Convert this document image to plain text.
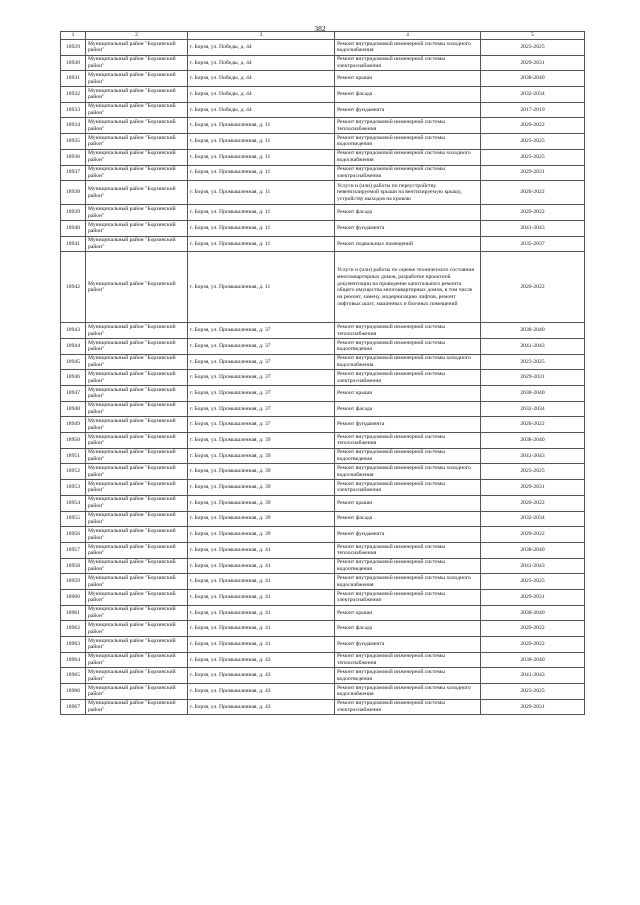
382
1	2	3	4	5
18929	Муниципальный район "Борзинский район"	г. Борзя, ул. Победы, д. 44	Ремонт внутридомовой инженерной системы холодного водоснабжения	2023-2025
18930	Муниципальный район "Борзинский район"	г. Борзя, ул. Победы, д. 44	Ремонт внутридомовой инженерной системы электроснабжения	2029-2031
18931	Муниципальный район "Борзинский район"	г. Борзя, ул. Победы, д. 44	Ремонт крыши	2038-2040
18932	Муниципальный район "Борзинский район"	г. Борзя, ул. Победы, д. 44	Ремонт фасада	2032-2034
18933	Муниципальный район "Борзинский район"	г. Борзя, ул. Победы, д. 44	Ремонт фундамента	2017-2019
18934	Муниципальный район "Борзинский район"	г. Борзя, ул. Промышленная, д. 11	Ремонт внутридомовой инженерной системы теплоснабжения	2020-2022
18935	Муниципальный район "Борзинский район"	г. Борзя, ул. Промышленная, д. 11	Ремонт внутридомовой инженерной системы водоотведения	2023-2025
18936	Муниципальный район "Борзинский район"	г. Борзя, ул. Промышленная, д. 11	Ремонт внутридомовой инженерной системы холодного водоснабжения	2023-2025
18937	Муниципальный район "Борзинский район"	г. Борзя, ул. Промышленная, д. 11	Ремонт внутридомовой инженерной системы электроснабжения	2029-2031
18938	Муниципальный район "Борзинский район"	г. Борзя, ул. Промышленная, д. 11	Услуги и (или) работы по переустройству невентилируемой крыши на вентилируемую крышу, устройству выходов на кровлю	2020-2022
18939	Муниципальный район "Борзинский район"	г. Борзя, ул. Промышленная, д. 11	Ремонт фасада	2020-2022
18940	Муниципальный район "Борзинский район"	г. Борзя, ул. Промышленная, д. 11	Ремонт фундамента	2041-2043
18941	Муниципальный район "Борзинский район"	г. Борзя, ул. Промышленная, д. 11	Ремонт подвальных помещений	2035-2037
18942	Муниципальный район "Борзинский район"	г. Борзя, ул. Промышленная, д. 11	Услуги и (или) работы по оценке технического состояния многоквартирных домов, разработке проектной документации на проведение капитального ремонта общего имущества многоквартирных домов, в том числе на ремонт, замену, модернизацию лифтов, ремонт лифтовых шахт, машинных и блочных помещений	2020-2022
18943	Муниципальный район "Борзинский район"	г. Борзя, ул. Промышленная, д. 37	Ремонт внутридомовой инженерной системы теплоснабжения	2038-2040
18944	Муниципальный район "Борзинский район"	г. Борзя, ул. Промышленная, д. 37	Ремонт внутридомовой инженерной системы водоотведения	2041-2043
18945	Муниципальный район "Борзинский район"	г. Борзя, ул. Промышленная, д. 37	Ремонт внутридомовой инженерной системы холодного водоснабжения	2023-2025
18946	Муниципальный район "Борзинский район"	г. Борзя, ул. Промышленная, д. 37	Ремонт внутридомовой инженерной системы электроснабжения	2029-2031
18947	Муниципальный район "Борзинский район"	г. Борзя, ул. Промышленная, д. 37	Ремонт крыши	2038-2040
18948	Муниципальный район "Борзинский район"	г. Борзя, ул. Промышленная, д. 37	Ремонт фасада	2032-2034
18949	Муниципальный район "Борзинский район"	г. Борзя, ул. Промышленная, д. 37	Ремонт фундамента	2020-2022
18950	Муниципальный район "Борзинский район"	г. Борзя, ул. Промышленная, д. 39	Ремонт внутридомовой инженерной системы теплоснабжения	2038-2040
18951	Муниципальный район "Борзинский район"	г. Борзя, ул. Промышленная, д. 39	Ремонт внутридомовой инженерной системы водоотведения	2041-2043
18952	Муниципальный район "Борзинский район"	г. Борзя, ул. Промышленная, д. 39	Ремонт внутридомовой инженерной системы холодного водоснабжения	2023-2025
18953	Муниципальный район "Борзинский район"	г. Борзя, ул. Промышленная, д. 39	Ремонт внутридомовой инженерной системы электроснабжения	2029-2031
18954	Муниципальный район "Борзинский район"	г. Борзя, ул. Промышленная, д. 39	Ремонт крыши	2020-2022
18955	Муниципальный район "Борзинский район"	г. Борзя, ул. Промышленная, д. 39	Ремонт фасада	2032-2034
18956	Муниципальный район "Борзинский район"	г. Борзя, ул. Промышленная, д. 39	Ремонт фундамента	2020-2022
18957	Муниципальный район "Борзинский район"	г. Борзя, ул. Промышленная, д. 41	Ремонт внутридомовой инженерной системы теплоснабжения	2038-2040
18958	Муниципальный район "Борзинский район"	г. Борзя, ул. Промышленная, д. 41	Ремонт внутридомовой инженерной системы водоотведения	2041-2043
18959	Муниципальный район "Борзинский район"	г. Борзя, ул. Промышленная, д. 41	Ремонт внутридомовой инженерной системы холодного водоснабжения	2023-2025
18960	Муниципальный район "Борзинский район"	г. Борзя, ул. Промышленная, д. 41	Ремонт внутридомовой инженерной системы электроснабжения	2029-2031
18961	Муниципальный район "Борзинский район"	г. Борзя, ул. Промышленная, д. 41	Ремонт крыши	2038-2040
18962	Муниципальный район "Борзинский район"	г. Борзя, ул. Промышленная, д. 41	Ремонт фасада	2020-2022
18963	Муниципальный район "Борзинский район"	г. Борзя, ул. Промышленная, д. 41	Ремонт фундамента	2020-2022
18964	Муниципальный район "Борзинский район"	г. Борзя, ул. Промышленная, д. 43	Ремонт внутридомовой инженерной системы теплоснабжения	2038-2040
18965	Муниципальный район "Борзинский район"	г. Борзя, ул. Промышленная, д. 43	Ремонт внутридомовой инженерной системы водоотведения	2041-2043
18966	Муниципальный район "Борзинский район"	г. Борзя, ул. Промышленная, д. 43	Ремонт внутридомовой инженерной системы холодного водоснабжения	2023-2025
18967	Муниципальный район "Борзинский район"	г. Борзя, ул. Промышленная, д. 43	Ремонт внутридомовой инженерной системы электроснабжения	2029-2031
